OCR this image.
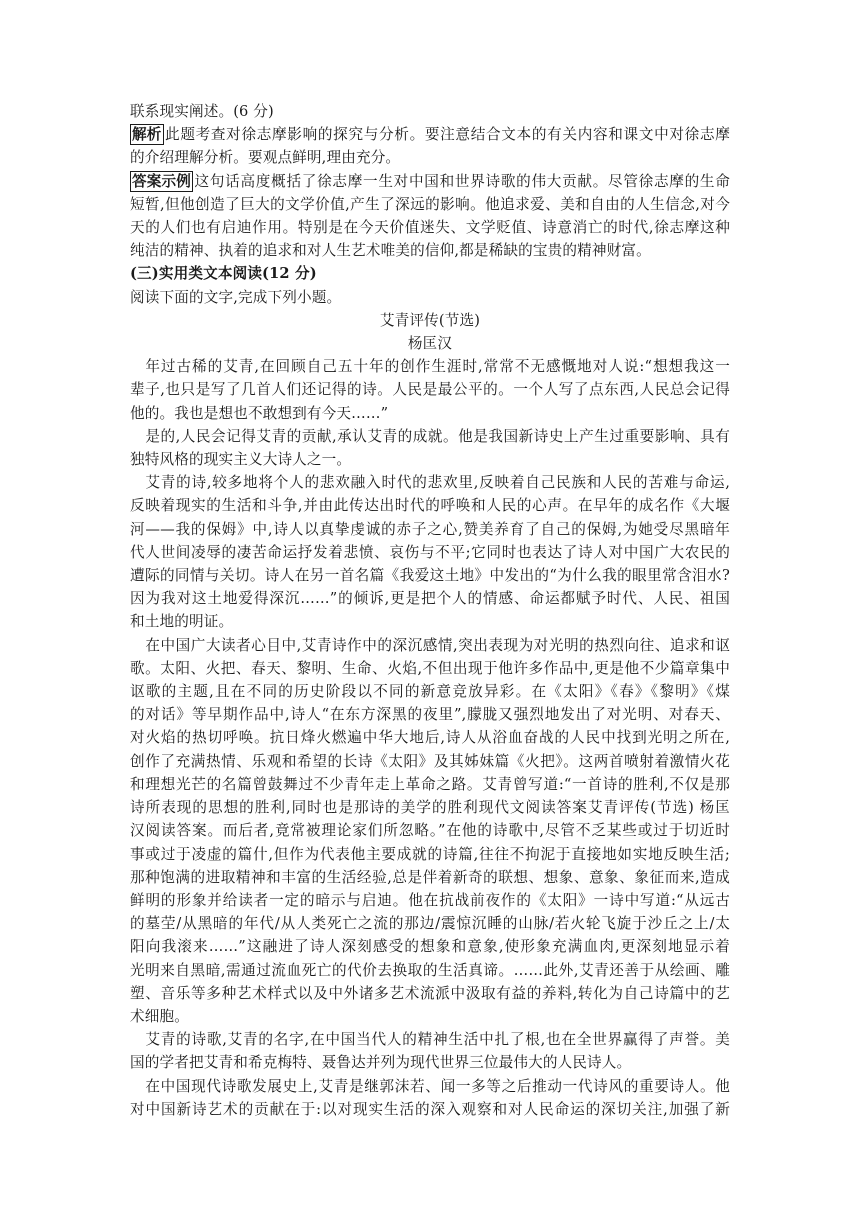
联系现实阐述。(6 分)
解析 此题考查对徐志摩影响的探究与分析。要注意结合文本的有关内容和课文中对徐志摩
的介绍理解分析。要观点鲜明,理由充分。
答案示例 这句话高度概括了徐志摩一生对中国和世界诗歌的伟大贡献。尽管徐志摩的生命
短暂,但他创造了巨大的文学价值,产生了深远的影响。他追求爱、美和自由的人生信念,对今
天的人们也有启迪作用。特别是在今天价值迷失、文学贬值、诗意消亡的时代,徐志摩这种
纯洁的精神、执着的追求和对人生艺术唯美的信仰,都是稀缺的宝贵的精神财富。
(三)实用类文本阅读(12 分)
阅读下面的文字,完成下列小题。
艾青评传(节选)
杨匡汉
年过古稀的艾青,在回顾自己五十年的创作生涯时,常常不无感慨地对人说:“想想我这一
辈子,也只是写了几首人们还记得的诗。人民是最公平的。一个人写了点东西,人民总会记得
他的。我也是想也不敢想到有今天……”
是的,人民会记得艾青的贡献,承认艾青的成就。他是我国新诗史上产生过重要影响、具有
独特风格的现实主义大诗人之一。
艾青的诗,较多地将个人的悲欢融入时代的悲欢里,反映着自己民族和人民的苦难与命运,
反映着现实的生活和斗争,并由此传达出时代的呼唤和人民的心声。在早年的成名作《大堰
河——我的保姆》中,诗人以真挚虔诚的赤子之心,赞美养育了自己的保姆,为她受尽黑暗年
代人世间凌辱的凄苦命运抒发着悲愤、哀伤与不平;它同时也表达了诗人对中国广大农民的
遭际的同情与关切。诗人在另一首名篇《我爱这土地》中发出的“为什么我的眼里常含泪水?
因为我对这土地爱得深沉……”的倾诉,更是把个人的情感、命运都赋予时代、人民、祖国
和土地的明证。
在中国广大读者心目中,艾青诗作中的深沉感情,突出表现为对光明的热烈向往、追求和讴
歌。太阳、火把、春天、黎明、生命、火焰,不但出现于他许多作品中,更是他不少篇章集中
讴歌的主题,且在不同的历史阶段以不同的新意竞放异彩。在《太阳》《春》《黎明》《煤
的对话》等早期作品中,诗人“在东方深黑的夜里”,朦胧又强烈地发出了对光明、对春天、
对火焰的热切呼唤。抗日烽火燃遍中华大地后,诗人从浴血奋战的人民中找到光明之所在,
创作了充满热情、乐观和希望的长诗《太阳》及其姊妹篇《火把》。这两首喷射着激情火花
和理想光芒的名篇曾鼓舞过不少青年走上革命之路。艾青曾写道:“一首诗的胜利,不仅是那
诗所表现的思想的胜利,同时也是那诗的美学的胜利现代文阅读答案艾青评传(节选) 杨匡
汉阅读答案。而后者,竟常被理论家们所忽略。”在他的诗歌中,尽管不乏某些或过于切近时
事或过于凌虚的篇什,但作为代表他主要成就的诗篇,往往不拘泥于直接地如实地反映生活;
那种饱满的进取精神和丰富的生活经验,总是伴着新奇的联想、想象、意象、象征而来,造成
鲜明的形象并给读者一定的暗示与启迪。他在抗战前夜作的《太阳》一诗中写道:“从远古
的墓茔/从黑暗的年代/从人类死亡之流的那边/震惊沉睡的山脉/若火轮飞旋于沙丘之上/太
阳向我滚来……”这融进了诗人深刻感受的想象和意象,使形象充满血肉,更深刻地显示着
光明来自黑暗,需通过流血死亡的代价去换取的生活真谛。……此外,艾青还善于从绘画、雕
塑、音乐等多种艺术样式以及中外诸多艺术流派中汲取有益的养料,转化为自己诗篇中的艺
术细胞。
艾青的诗歌,艾青的名字,在中国当代人的精神生活中扎了根,也在全世界赢得了声誉。美
国的学者把艾青和希克梅特、聂鲁达并列为现代世界三位最伟大的人民诗人。
在中国现代诗歌发展史上,艾青是继郭沫若、闻一多等之后推动一代诗风的重要诗人。他
对中国新诗艺术的贡献在于:以对现实生活的深入观察和对人民命运的深切关注,加强了新
